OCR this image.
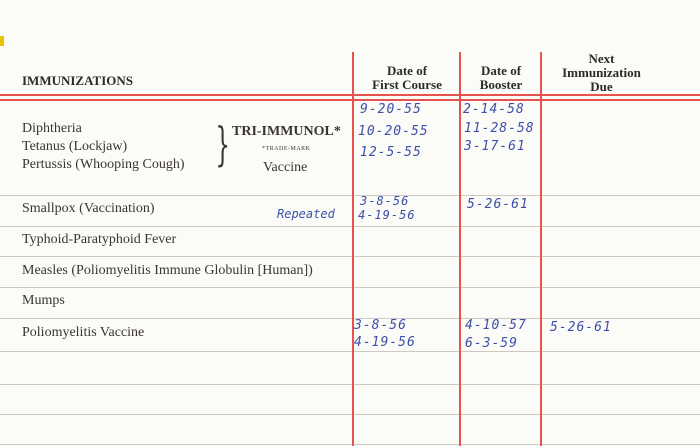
IMMUNIZATIONS
Date of
First Course
Date of
Booster
Next
Immunization
Due
Diphtheria
Tetanus (Lockjaw)
Pertussis (Whooping Cough) } TRI-IMMUNOL*
*TRADE-MARK
Vaccine
9-20-55
10-20-55
12-5-55
2-14-58
11-28-58
3-17-61
Smallpox (Vaccination)	Repeated
3-8-56
4-19-56
5-26-61
Typhoid-Paratyphoid Fever
Measles (Poliomyelitis Immune Globulin [Human])
Mumps
Poliomyelitis Vaccine	3-8-56
4-19-56
4-10-57
6-3-59
5-26-61
